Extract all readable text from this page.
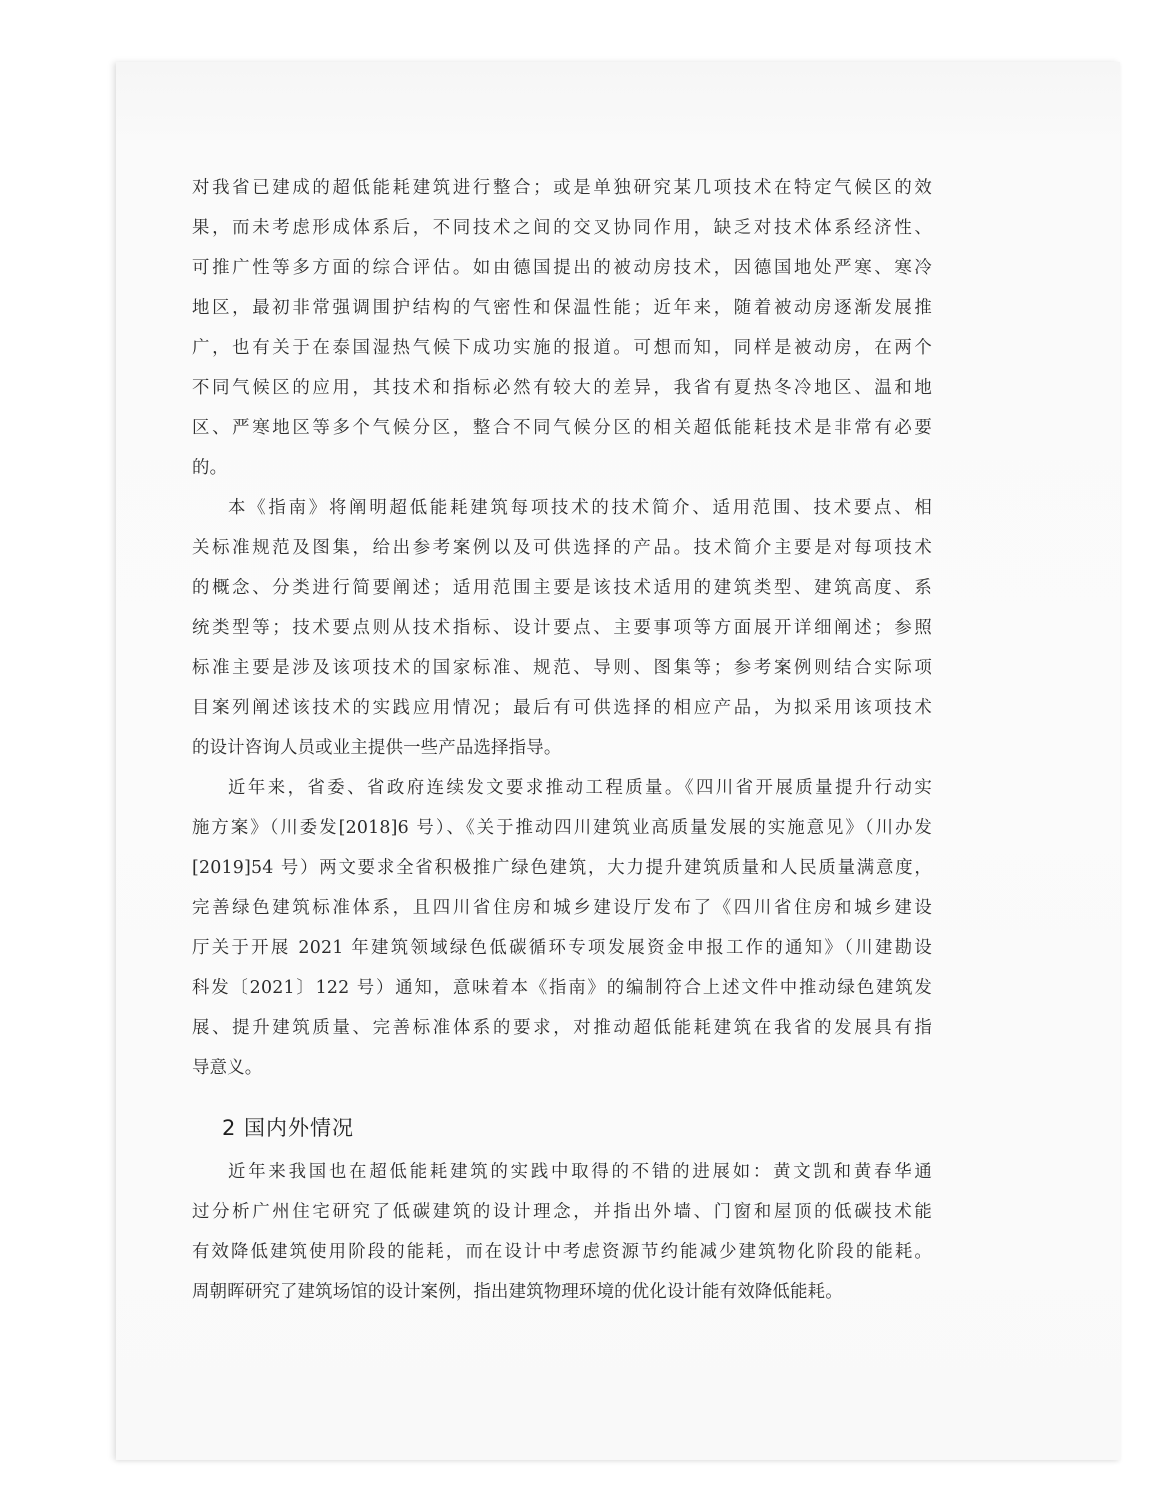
对我省已建成的超低能耗建筑进行整合；或是单独研究某几项技术在特定气候区的效

果，而未考虑形成体系后，不同技术之间的交叉协同作用，缺乏对技术体系经济性、

可推广性等多方面的综合评估。如由德国提出的被动房技术，因德国地处严寒、寒冷

地区，最初非常强调围护结构的气密性和保温性能；近年来，随着被动房逐渐发展推

广，也有关于在泰国湿热气候下成功实施的报道。可想而知，同样是被动房，在两个

不同气候区的应用，其技术和指标必然有较大的差异，我省有夏热冬冷地区、温和地

区、严寒地区等多个气候分区，整合不同气候分区的相关超低能耗技术是非常有必要

的。

本《指南》将阐明超低能耗建筑每项技术的技术简介、适用范围、技术要点、相

关标准规范及图集，给出参考案例以及可供选择的产品。技术简介主要是对每项技术

的概念、分类进行简要阐述；适用范围主要是该技术适用的建筑类型、建筑高度、系

统类型等；技术要点则从技术指标、设计要点、主要事项等方面展开详细阐述；参照

标准主要是涉及该项技术的国家标准、规范、导则、图集等；参考案例则结合实际项

目案列阐述该技术的实践应用情况；最后有可供选择的相应产品，为拟采用该项技术

的设计咨询人员或业主提供一些产品选择指导。

近年来，省委、省政府连续发文要求推动工程质量。《四川省开展质量提升行动实

施方案》（川委发[2018]6 号）、《关于推动四川建筑业高质量发展的实施意见》（川办发

[2019]54 号）两文要求全省积极推广绿色建筑，大力提升建筑质量和人民质量满意度，

完善绿色建筑标准体系，且四川省住房和城乡建设厅发布了《四川省住房和城乡建设

厅关于开展 2021 年建筑领域绿色低碳循环专项发展资金申报工作的通知》（川建勘设

科发〔2021〕122 号）通知，意味着本《指南》的编制符合上述文件中推动绿色建筑发

展、提升建筑质量、完善标准体系的要求，对推动超低能耗建筑在我省的发展具有指

导意义。

2 国内外情况

近年来我国也在超低能耗建筑的实践中取得的不错的进展如：黄文凯和黄春华通

过分析广州住宅研究了低碳建筑的设计理念，并指出外墙、门窗和屋顶的低碳技术能

有效降低建筑使用阶段的能耗，而在设计中考虑资源节约能减少建筑物化阶段的能耗。

周朝晖研究了建筑场馆的设计案例，指出建筑物理环境的优化设计能有效降低能耗。
